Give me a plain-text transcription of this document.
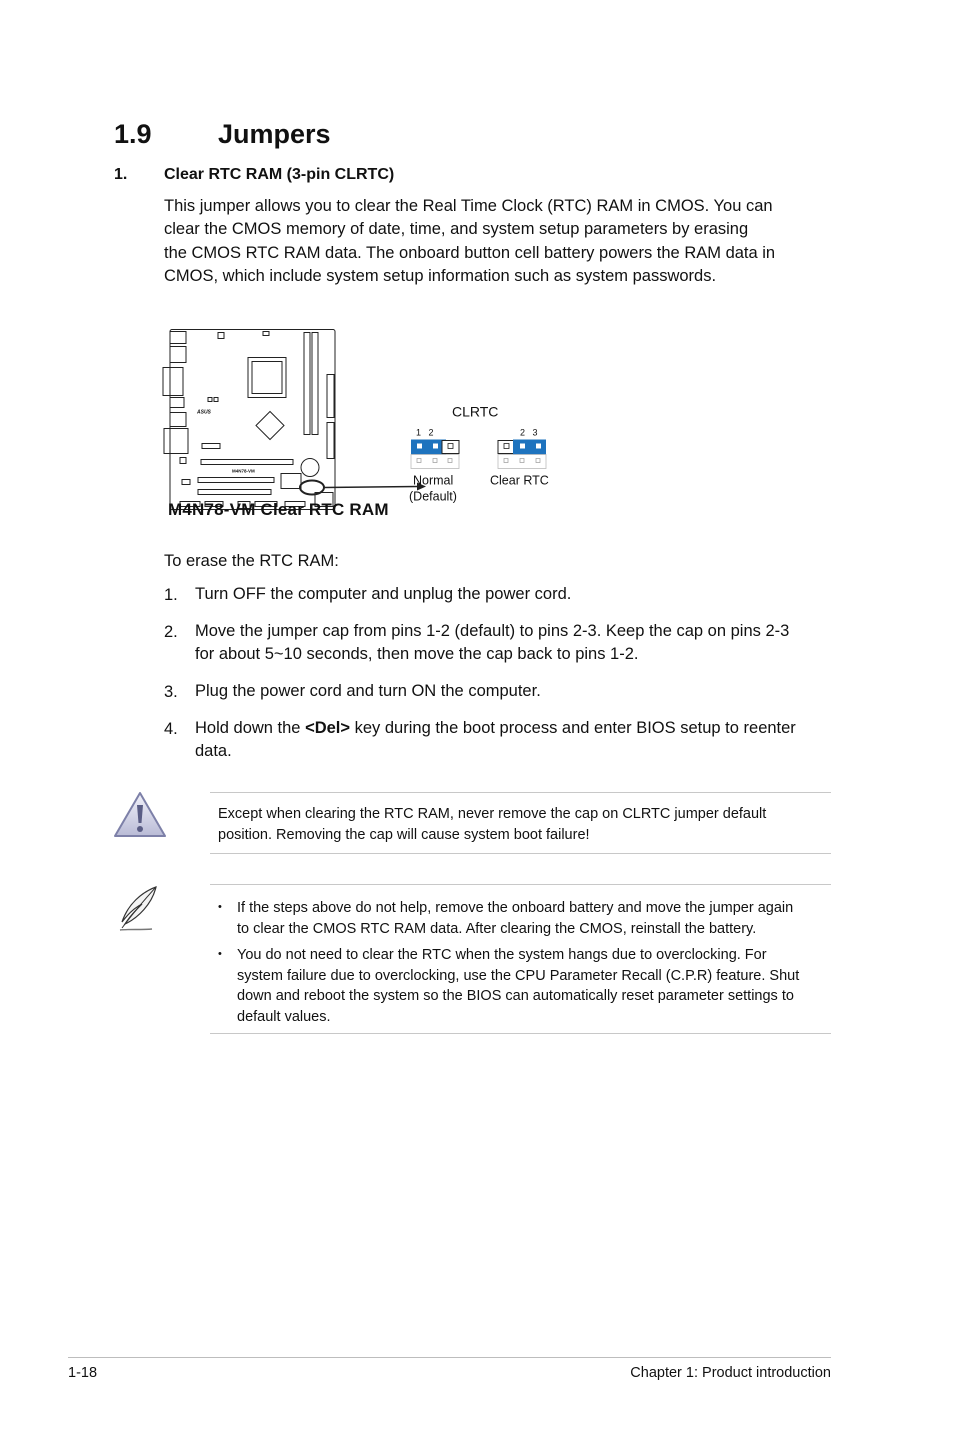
1.9 Jumpers
1. Clear RTC RAM (3-pin CLRTC)
This jumper allows you to clear the Real Time Clock (RTC) RAM in CMOS. You can
clear the CMOS memory of date, time, and system setup parameters by erasing
the CMOS RTC RAM data. The onboard button cell battery powers the RAM data in
CMOS, which include system setup information such as system passwords.
ASUS
M4N78-VM
CLRTC
1   2	2   3
Normal
(Default)
Clear RTC
M4N78-VM Clear RTC RAM
To erase the RTC RAM:
1. Turn OFF the computer and unplug the power cord.
2. Move the jumper cap from pins 1-2 (default) to pins 2-3. Keep the cap on pins 2-3
for about 5~10 seconds, then move the cap back to pins 1-2.
3. Plug the power cord and turn ON the computer.
4. Hold down the <Del> key during the boot process and enter BIOS setup to reenter
data.
Except when clearing the RTC RAM, never remove the cap on CLRTC jumper default
position. Removing the cap will cause system boot failure!
• If the steps above do not help, remove the onboard battery and move the jumper again
to clear the CMOS RTC RAM data. After clearing the CMOS, reinstall the battery.
• You do not need to clear the RTC when the system hangs due to overclocking. For
system failure due to overclocking, use the CPU Parameter Recall (C.P.R) feature. Shut
down and reboot the system so the BIOS can automatically reset parameter settings to
default values.
1-18	Chapter 1: Product introduction
